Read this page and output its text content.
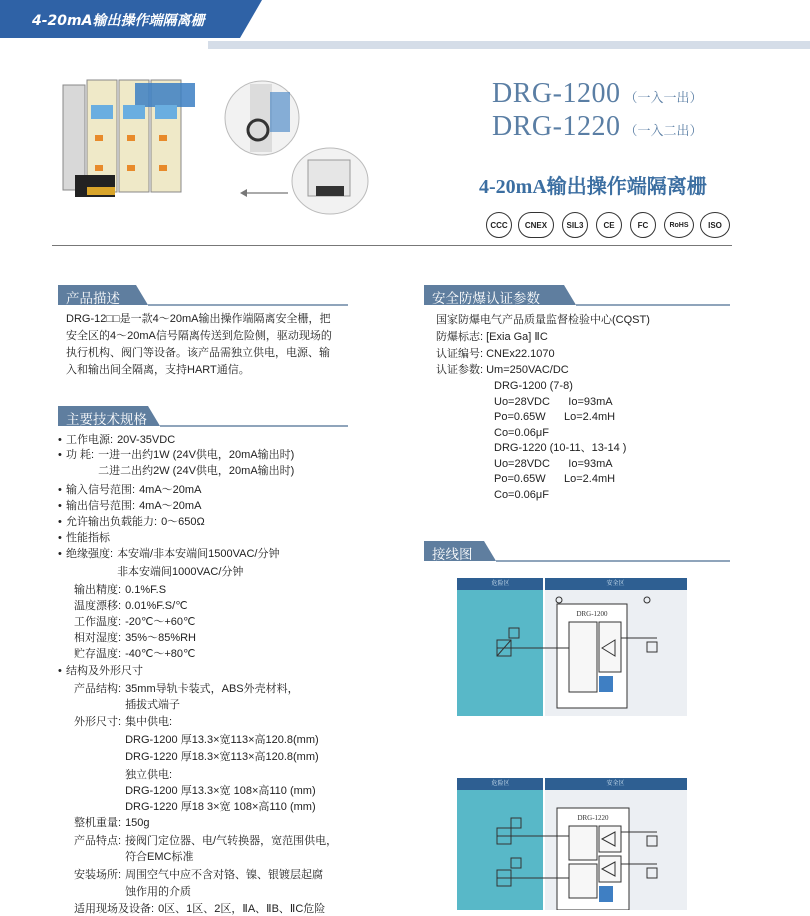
4-20mA输出操作端隔离栅
DRG-1200 （一入一出）
DRG-1220 （一入二出）
4-20mA输出操作端隔离栅
CCC	CNEX	SIL3	CE	FC	RoHS	ISO
产品描述
DRG-12□□是一款4～20mA输出操作端隔离安全栅，把
安全区的4～20mA信号隔离传送到危险侧，驱动现场的
执行机构、阀门等设备。该产品需独立供电，电源、输
入和输出间全隔离，支持HART通信。
主要技术规格
• 工作电源: 20V-35VDC
• 功 耗: 一进一出约1W (24V供电，20mA输出时)
二进二出约2W (24V供电，20mA输出时)
• 输入信号范围: 4mA～20mA
• 输出信号范围: 4mA～20mA
• 允许输出负载能力: 0～650Ω
• 性能指标
• 绝缘强度: 本安端/非本安端间1500VAC/分钟
非本安端间1000VAC/分钟
输出精度: 0.1%F.S
温度漂移: 0.01%F.S/℃
工作温度: -20℃～+60℃
相对湿度: 35%～85%RH
贮存温度: -40℃～+80℃
• 结构及外形尺寸
产品结构: 35mm导轨卡装式，ABS外壳材料，
插拔式端子
外形尺寸: 集中供电:
DRG-1200 厚13.3×宽113×高120.8(mm)
DRG-1220 厚18.3×宽113×高120.8(mm)
独立供电:
DRG-1200 厚13.3×宽 108×高110 (mm)
DRG-1220 厚18 3×宽 108×高110 (mm)
整机重量: 150g
产品特点: 接阀门定位器、电/气转换器，宽范围供电，
符合EMC标准
安装场所: 周围空气中应不含对铬、镍、银镀层起腐
蚀作用的介质
适用现场及设备: 0区、1区、2区，ⅡA、ⅡB、ⅡC危险
安全防爆认证参数
国家防爆电气产品质量监督检验中心(CQST)
防爆标志: [Exia Ga] ⅡC
认证编号: CNEx22.1070
认证参数: Um=250VAC/DC
DRG-1200 (7-8)
Uo=28VDC      Io=93mA
Po=0.65W      Lo=2.4mH
Co=0.06μF
DRG-1220 (10-11、13-14 )
Uo=28VDC      Io=93mA
Po=0.65W      Lo=2.4mH
Co=0.06μF
接线图
危险区	安全区
DRG-1200
危险区	安全区
DRG-1220
